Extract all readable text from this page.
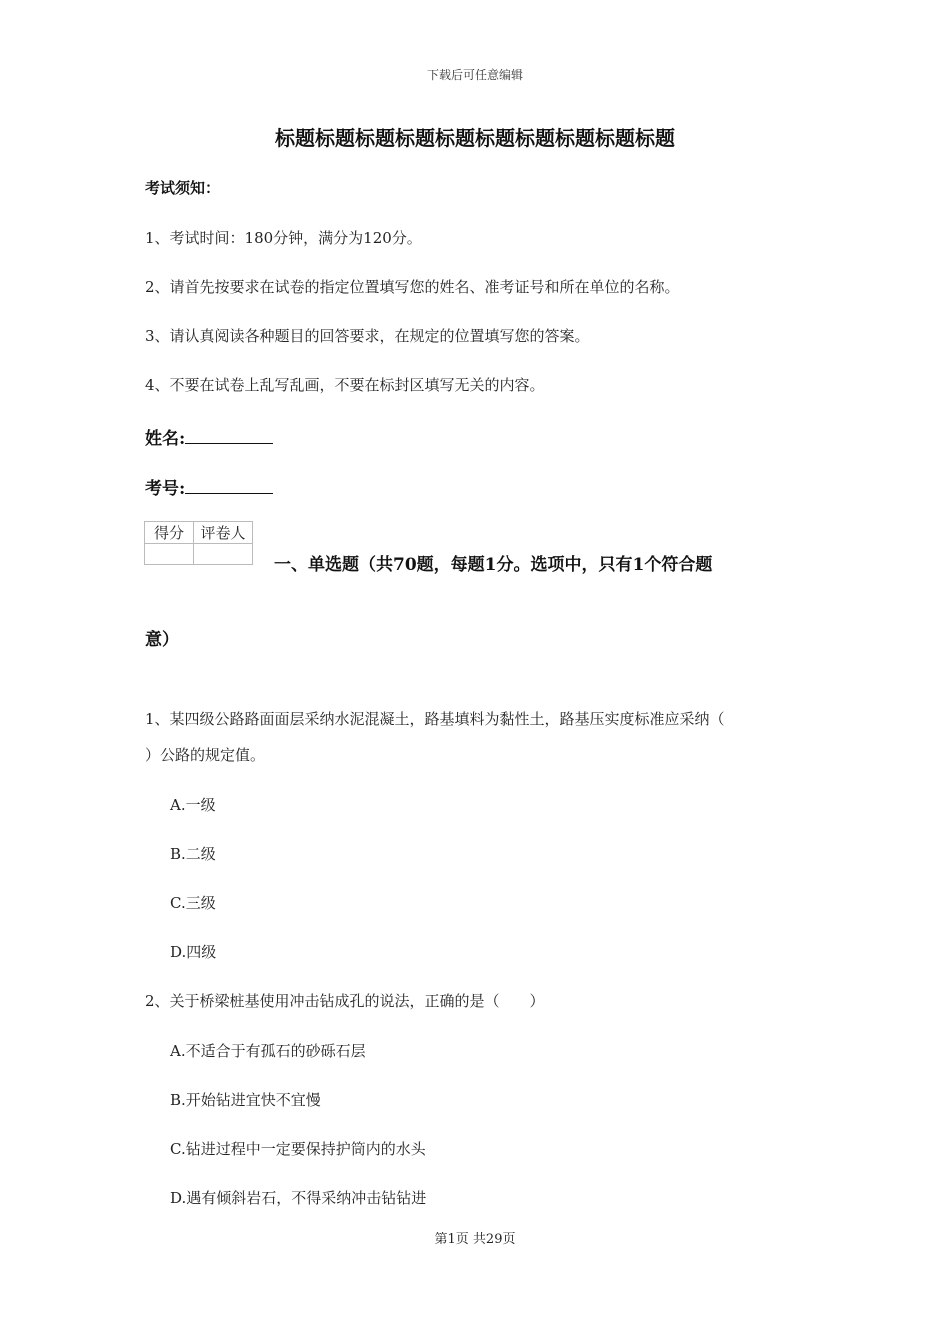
下载后可任意编辑
标题标题标题标题标题标题标题标题标题标题
考试须知：
1、考试时间：180分钟，满分为120分。
2、请首先按要求在试卷的指定位置填写您的姓名、准考证号和所在单位的名称。
3、请认真阅读各种题目的回答要求，在规定的位置填写您的答案。
4、不要在试卷上乱写乱画，不要在标封区填写无关的内容。
姓名:
考号:
得分	评卷人

一、单选题（共70题，每题1分。选项中，只有1个符合题
意）
1、某四级公路路面面层采纳水泥混凝土，路基填料为黏性土，路基压实度标准应采纳（
）公路的规定值。
A.一级
B.二级
C.三级
D.四级
2、关于桥梁桩基使用冲击钻成孔的说法，正确的是（　　）
A.不适合于有孤石的砂砾石层
B.开始钻进宜快不宜慢
C.钻进过程中一定要保持护筒内的水头
D.遇有倾斜岩石，不得采纳冲击钻钻进
第1页 共29页
